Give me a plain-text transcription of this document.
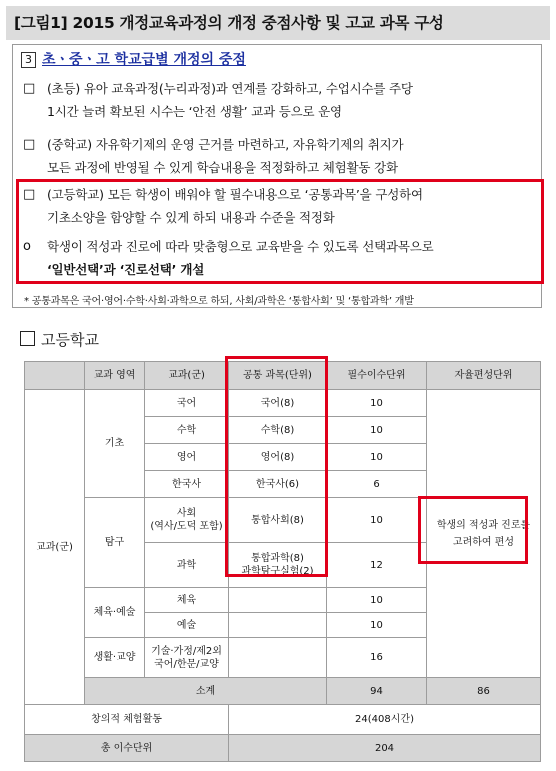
[그림1] 2015 개정교육과정의 개정 중점사항 및 고교 과목 구성
3 초ㆍ중ㆍ고 학교급별 개정의 중점
□ (초등) 유아 교육과정(누리과정)과 연계를 강화하고, 수업시수를 주당
1시간 늘려 확보된 시수는 ‘안전 생활’ 교과 등으로 운영
□ (중학교) 자유학기제의 운영 근거를 마련하고, 자유학기제의 취지가
모든 과정에 반영될 수 있게 학습내용을 적정화하고 체험활동 강화
□ (고등학교) 모든 학생이 배워야 할 필수내용으로 ‘공통과목’을 구성하여
기초소양을 함양할 수 있게 하되 내용과 수준을 적정화
o	학생이 적성과 진로에 따라 맞춤형으로 교육받을 수 있도록 선택과목으로
‘일반선택’과 ‘진로선택’ 개설
* 공통과목은 국어·영어·수학·사회·과학으로 하되, 사회/과학은 ‘통합사회’ 및 ‘통합과학’ 개발
고등학교
	교과 영역	교과(군)	공통 과목(단위)	필수이수단위	자율편성단위
교과(군)	기초	국어	국어(8)	10	학생의 적성과 진로를
고려하여 편성
		수학	수학(8)	10	
		영어	영어(8)	10	
		한국사	한국사(6)	6	
	탐구	사회
(역사/도덕 포함)	통합사회(8)	10	
		과학	통합과학(8)
과학탐구실험(2)	12	
	체육·예술	체육		10	
		예술		10	
	생활·교양	기술·가정/제2외
국어/한문/교양		16	
	소계			94	86
창의적 체험활동			24(408시간)		
총 이수단위			204		
